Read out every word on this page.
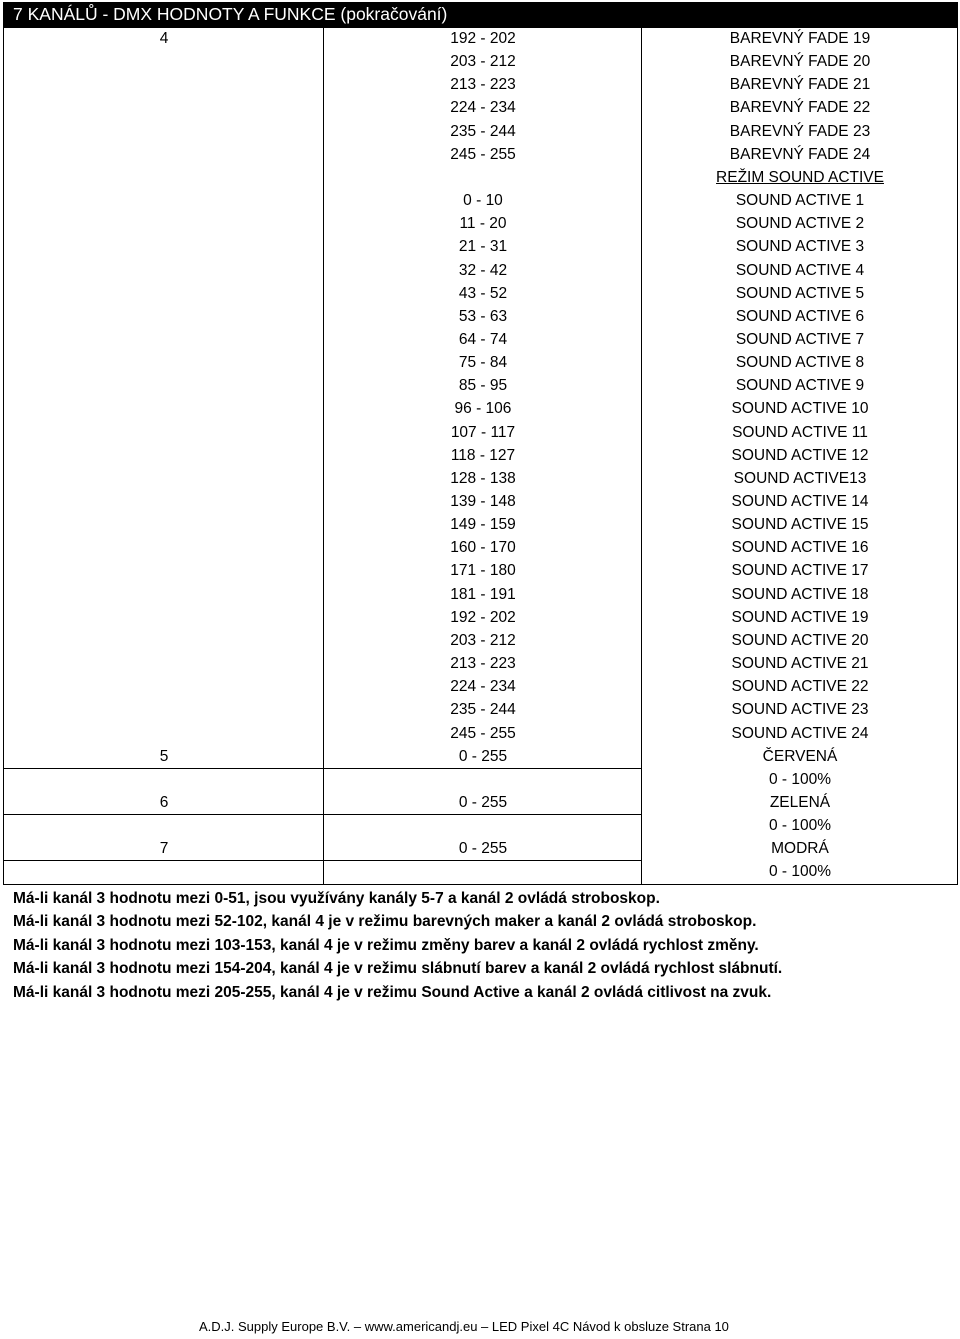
7 KANÁLŮ - DMX HODNOTY A FUNKCE (pokračování)
4	192 - 202	BAREVNÝ FADE 19
203 - 212	BAREVNÝ FADE 20
213 - 223	BAREVNÝ FADE 21
224 - 234	BAREVNÝ FADE 22
235 - 244	BAREVNÝ FADE 23
245 - 255	BAREVNÝ FADE 24
REŽIM SOUND ACTIVE
0 - 10	SOUND ACTIVE 1
11 - 20	SOUND ACTIVE 2
21 - 31	SOUND ACTIVE 3
32 - 42	SOUND ACTIVE 4
43 - 52	SOUND ACTIVE 5
53 - 63	SOUND ACTIVE 6
64 - 74	SOUND ACTIVE 7
75 - 84	SOUND ACTIVE 8
85 - 95	SOUND ACTIVE 9
96 - 106	SOUND ACTIVE 10
107 - 117	SOUND ACTIVE 11
118 - 127	SOUND ACTIVE 12
128 - 138	SOUND ACTIVE13
139 - 148	SOUND ACTIVE 14
149 - 159	SOUND ACTIVE 15
160 - 170	SOUND ACTIVE 16
171 - 180	SOUND ACTIVE 17
181 - 191	SOUND ACTIVE 18
192 - 202	SOUND ACTIVE 19
203 - 212	SOUND ACTIVE 20
213 - 223	SOUND ACTIVE 21
224 - 234	SOUND ACTIVE 22
235 - 244	SOUND ACTIVE 23
245 - 255	SOUND ACTIVE 24
5	0 - 255	ČERVENÁ
0 - 100%
6	0 - 255	ZELENÁ
0 - 100%
7	0 - 255	MODRÁ
0 - 100%
Má-li kanál 3 hodnotu mezi 0-51, jsou využívány kanály 5-7 a kanál 2 ovládá stroboskop.
Má-li kanál 3 hodnotu mezi 52-102, kanál 4 je v režimu barevných maker a kanál 2 ovládá stroboskop.
Má-li kanál 3 hodnotu mezi 103-153, kanál 4 je v režimu změny barev a kanál 2 ovládá rychlost změny.
Má-li kanál 3 hodnotu mezi 154-204, kanál 4 je v režimu slábnutí barev a kanál 2 ovládá rychlost slábnutí.
Má-li kanál 3 hodnotu mezi 205-255, kanál 4 je v režimu Sound Active a kanál 2 ovládá citlivost na zvuk.
A.D.J. Supply Europe B.V. – www.americandj.eu – LED Pixel 4C Návod k obsluze Strana 10
